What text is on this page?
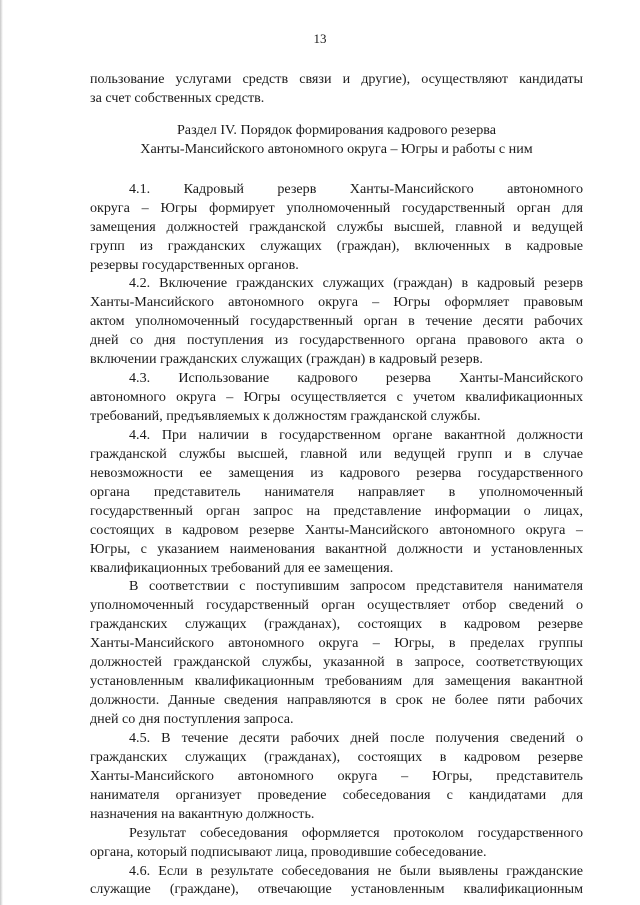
13
пользование услугами средств связи и другие), осуществляют кандидаты
за счет собственных средств.
Раздел IV. Порядок формирования кадрового резерва
Ханты-Мансийского автономного округа – Югры и работы с ним
4.1. Кадровый резерв Ханты-Мансийского автономного
округа – Югры формирует уполномоченный государственный орган для
замещения должностей гражданской службы высшей, главной и ведущей
групп из гражданских служащих (граждан), включенных в кадровые
резервы государственных органов.
4.2. Включение гражданских служащих (граждан) в кадровый резерв
Ханты-Мансийского автономного округа – Югры оформляет правовым
актом уполномоченный государственный орган в течение десяти рабочих
дней со дня поступления из государственного органа правового акта о
включении гражданских служащих (граждан) в кадровый резерв.
4.3. Использование кадрового резерва Ханты-Мансийского
автономного округа – Югры осуществляется с учетом квалификационных
требований, предъявляемых к должностям гражданской службы.
4.4. При наличии в государственном органе вакантной должности
гражданской службы высшей, главной или ведущей групп и в случае
невозможности ее замещения из кадрового резерва государственного
органа представитель нанимателя направляет в уполномоченный
государственный орган запрос на представление информации о лицах,
состоящих в кадровом резерве Ханты-Мансийского автономного округа –
Югры, с указанием наименования вакантной должности и установленных
квалификационных требований для ее замещения.
В соответствии с поступившим запросом представителя нанимателя
уполномоченный государственный орган осуществляет отбор сведений о
гражданских служащих (гражданах), состоящих в кадровом резерве
Ханты-Мансийского автономного округа – Югры, в пределах группы
должностей гражданской службы, указанной в запросе, соответствующих
установленным квалификационным требованиям для замещения вакантной
должности. Данные сведения направляются в срок не более пяти рабочих
дней со дня поступления запроса.
4.5. В течение десяти рабочих дней после получения сведений о
гражданских служащих (гражданах), состоящих в кадровом резерве
Ханты-Мансийского автономного округа – Югры, представитель
нанимателя организует проведение собеседования с кандидатами для
назначения на вакантную должность.
Результат собеседования оформляется протоколом государственного
органа, который подписывают лица, проводившие собеседование.
4.6. Если в результате собеседования не были выявлены гражданские
служащие (граждане), отвечающие установленным квалификационным
